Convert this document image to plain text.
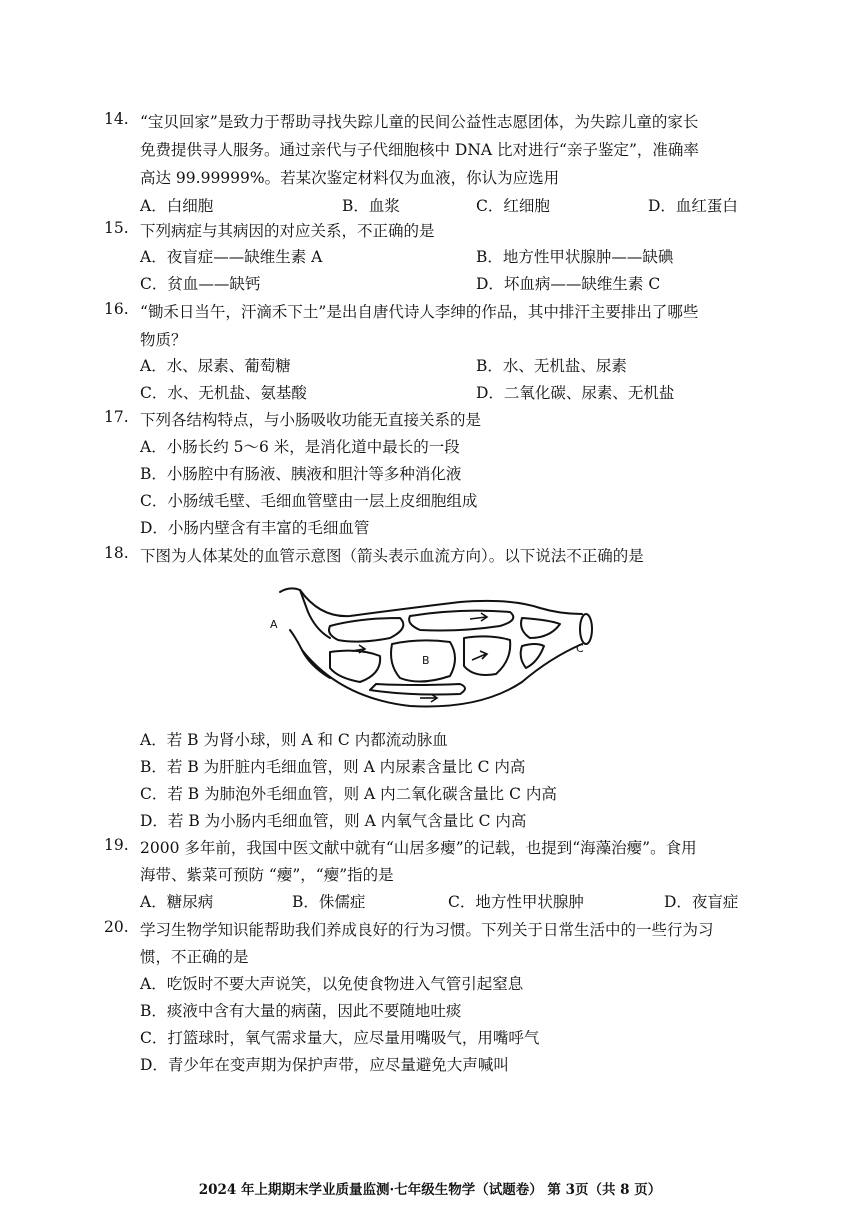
14. “宝贝回家”是致力于帮助寻找失踪儿童的民间公益性志愿团体，为失踪儿童的家长
免费提供寻人服务。通过亲代与子代细胞核中 DNA 比对进行“亲子鉴定”，准确率
高达 99.99999%。若某次鉴定材料仅为血液，你认为应选用
A．白细胞	B．血浆	C．红细胞	D．血红蛋白
15. 下列病症与其病因的对应关系，不正确的是
A．夜盲症——缺维生素 A	B．地方性甲状腺肿——缺碘
C．贫血——缺钙	D．坏血病——缺维生素 C
16. “锄禾日当午，汗滴禾下土”是出自唐代诗人李绅的作品，其中排汗主要排出了哪些
物质？
A．水、尿素、葡萄糖	B．水、无机盐、尿素
C．水、无机盐、氨基酸	D．二氧化碳、尿素、无机盐
17. 下列各结构特点，与小肠吸收功能无直接关系的是
A．小肠长约 5～6 米，是消化道中最长的一段
B．小肠腔中有肠液、胰液和胆汁等多种消化液
C．小肠绒毛壁、毛细血管壁由一层上皮细胞组成
D．小肠内壁含有丰富的毛细血管
18. 下图为人体某处的血管示意图（箭头表示血流方向）。以下说法不正确的是
A
B
C
A．若 B 为肾小球，则 A 和 C 内都流动脉血
B．若 B 为肝脏内毛细血管，则 A 内尿素含量比 C 内高
C．若 B 为肺泡外毛细血管，则 A 内二氧化碳含量比 C 内高
D．若 B 为小肠内毛细血管，则 A 内氧气含量比 C 内高
19. 2000 多年前，我国中医文献中就有“山居多瘿”的记载，也提到“海藻治瘿”。食用
海带、紫菜可预防 “瘿”，“瘿”指的是
A．糖尿病	B．侏儒症	C．地方性甲状腺肿	D．夜盲症
20. 学习生物学知识能帮助我们养成良好的行为习惯。下列关于日常生活中的一些行为习
惯，不正确的是
A．吃饭时不要大声说笑，以免使食物进入气管引起窒息
B．痰液中含有大量的病菌，因此不要随地吐痰
C．打篮球时，氧气需求量大，应尽量用嘴吸气，用嘴呼气
D．青少年在变声期为保护声带，应尽量避免大声喊叫
2024 年上期期末学业质量监测·七年级生物学（试题卷） 第 3页（共 8 页）
